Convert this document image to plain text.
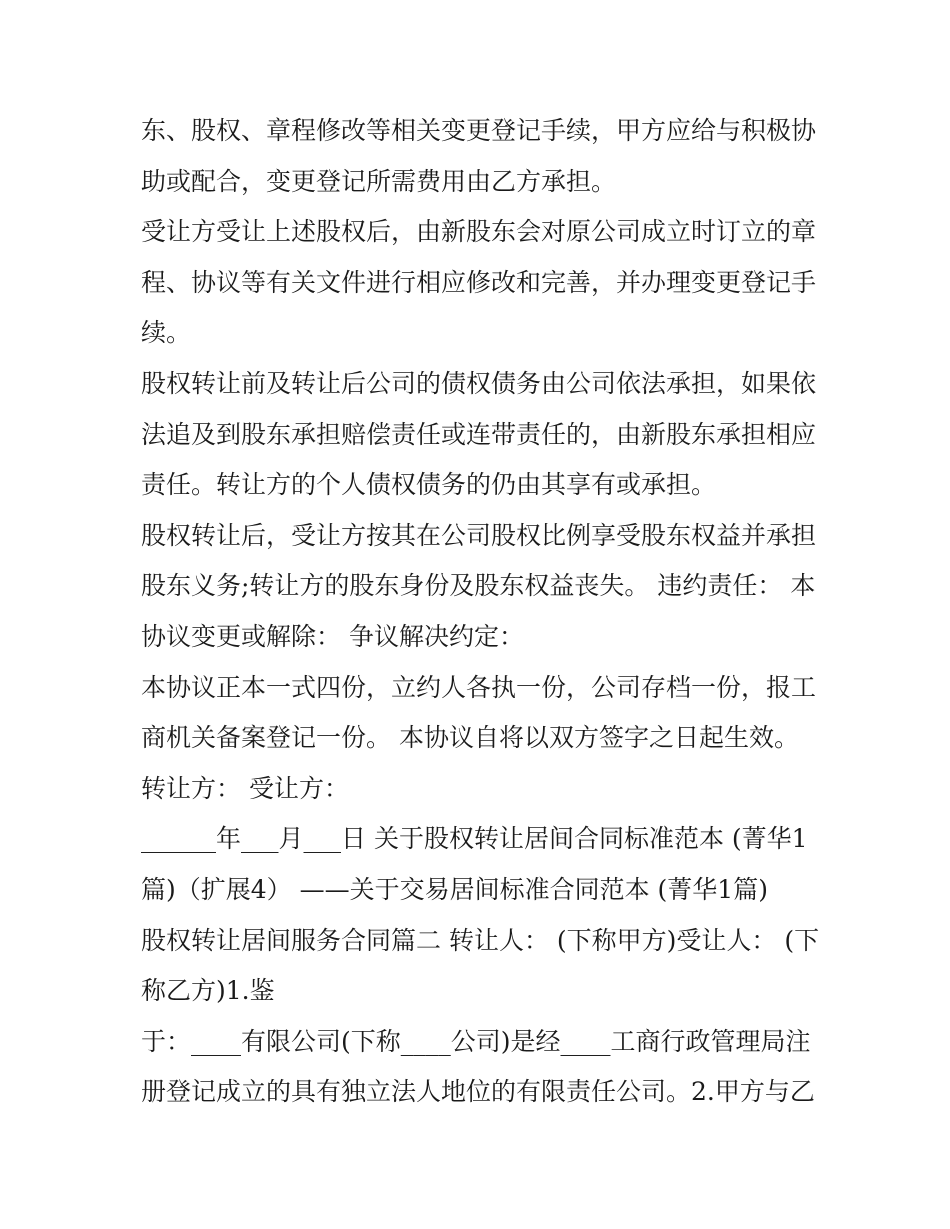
东、股权、章程修改等相关变更登记手续，甲方应给与积极协
助或配合，变更登记所需费用由乙方承担。
受让方受让上述股权后，由新股东会对原公司成立时订立的章
程、协议等有关文件进行相应修改和完善，并办理变更登记手
续。
股权转让前及转让后公司的债权债务由公司依法承担，如果依
法追及到股东承担赔偿责任或连带责任的，由新股东承担相应
责任。转让方的个人债权债务的仍由其享有或承担。
股权转让后，受让方按其在公司股权比例享受股东权益并承担
股东义务;转让方的股东身份及股东权益丧失。 违约责任： 本
协议变更或解除： 争议解决约定：
本协议正本一式四份，立约人各执一份，公司存档一份，报工
商机关备案登记一份。 本协议自将以双方签字之日起生效。
转让方： 受让方：
______年___月___日 关于股权转让居间合同标准范本 (菁华1
篇)（扩展4） ——关于交易居间标准合同范本 (菁华1篇)
股权转让居间服务合同篇二 转让人： (下称甲方)受让人： (下
称乙方)1.鉴
于：____有限公司(下称____公司)是经____工商行政管理局注
册登记成立的具有独立法人地位的有限责任公司。2.甲方与乙
